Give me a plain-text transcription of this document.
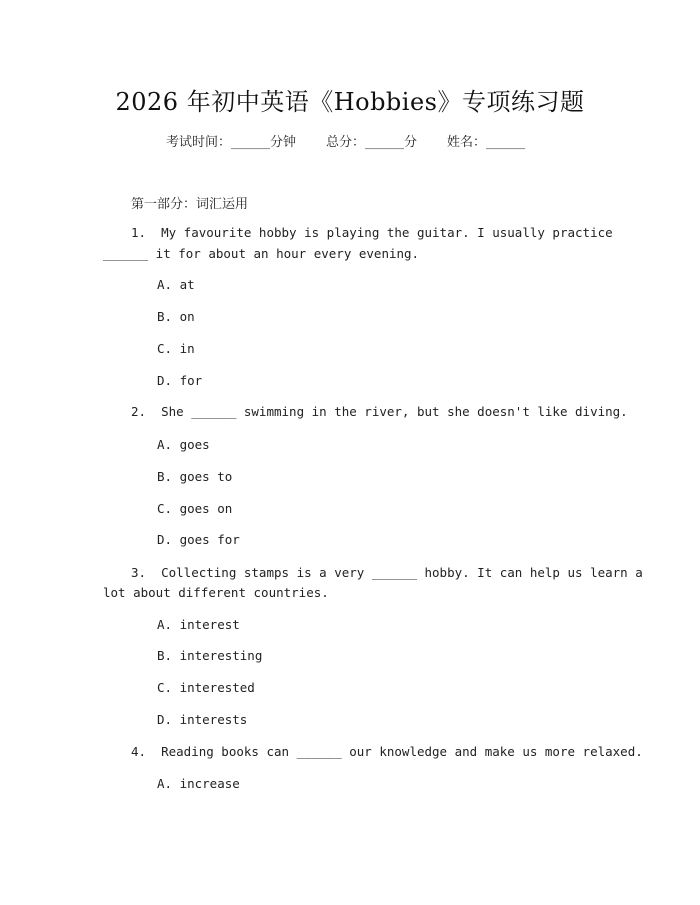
2026 年初中英语《Hobbies》专项练习题
考试时间：______分钟 总分：______分 姓名：______
第一部分：词汇运用
1.  My favourite hobby is playing the guitar. I usually practice
______ it for about an hour every evening.
A. at
B. on
C. in
D. for
2.  She ______ swimming in the river, but she doesn't like diving.
A. goes
B. goes to
C. goes on
D. goes for
3.  Collecting stamps is a very ______ hobby. It can help us learn a
lot about different countries.
A. interest
B. interesting
C. interested
D. interests
4.  Reading books can ______ our knowledge and make us more relaxed.
A. increase
